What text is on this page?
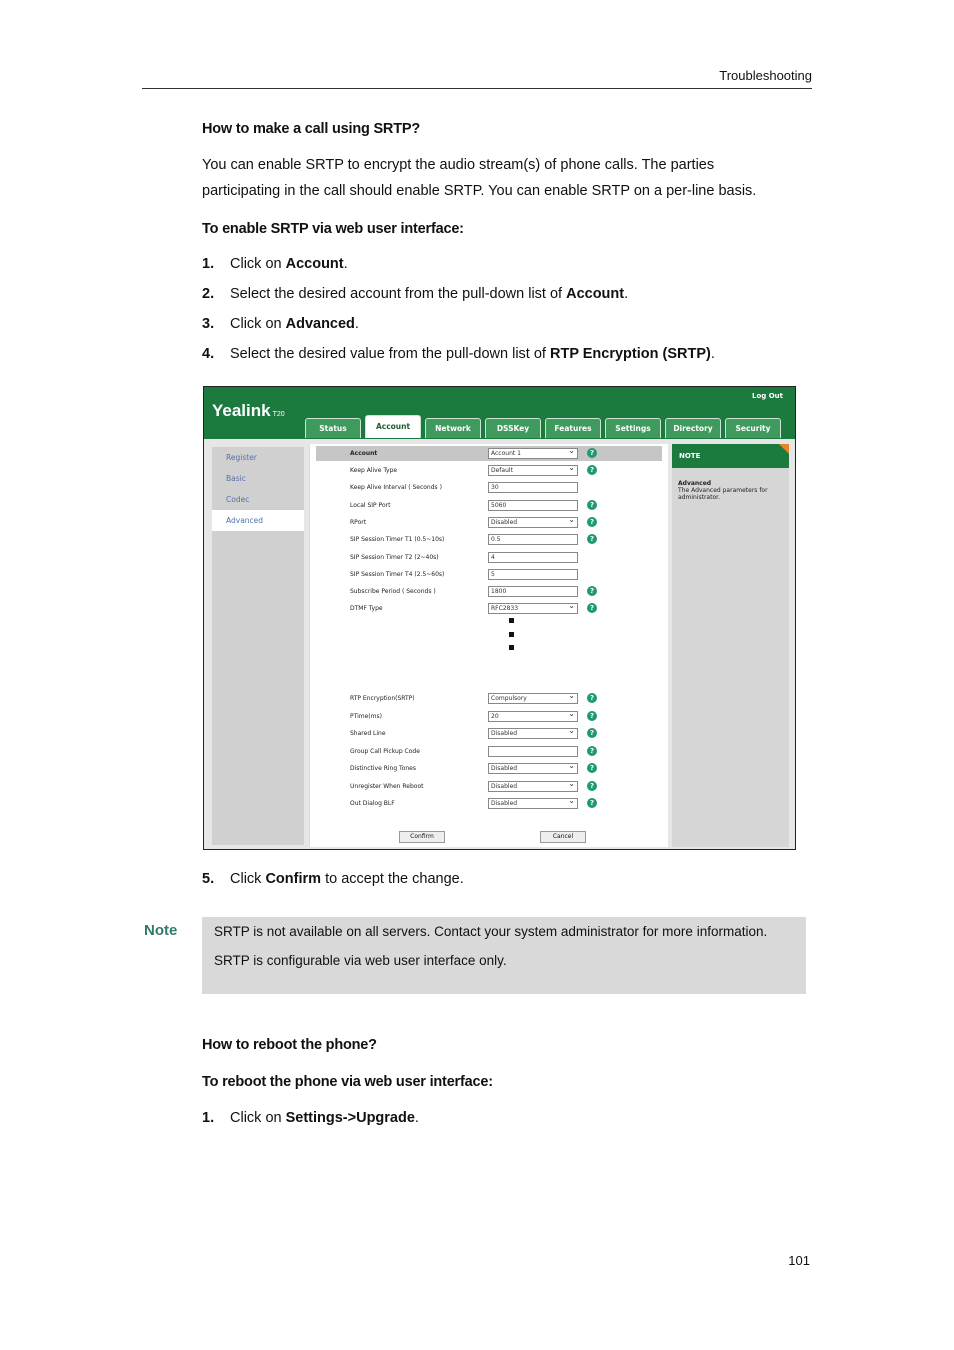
Troubleshooting
How to make a call using SRTP?
You can enable SRTP to encrypt the audio stream(s) of phone calls. The parties
participating in the call should enable SRTP. You can enable SRTP on a per-line basis.
To enable SRTP via web user interface:
1. Click on Account.
2. Select the desired account from the pull-down list of Account.
3. Click on Advanced.
4. Select the desired value from the pull-down list of RTP Encryption (SRTP).
Yealink T20
Log Out
Status	Account	Network	DSSKey	Features	Settings	Directory	Security
Register
Basic
Codec
Advanced
Account	Account 1 ⌄	?
Keep Alive Type	Default ⌄	?
Keep Alive Interval ( Seconds )	30
Local SIP Port	5060	?
RPort	Disabled ⌄	?
SIP Session Timer T1 (0.5~10s)	0.5	?
SIP Session Timer T2 (2~40s)	4
SIP Session Timer T4 (2.5~60s)	5
Subscribe Period ( Seconds )	1800	?
DTMF Type	RFC2833 ⌄	?
RTP Encryption(SRTP)	Compulsory ⌄	?
PTime(ms)	20 ⌄	?
Shared Line	Disabled ⌄	?
Group Call Pickup Code	?
Distinctive Ring Tones	Disabled ⌄	?
Unregister When Reboot	Disabled ⌄	?
Out Dialog BLF	Disabled ⌄	?
Confirm	Cancel
NOTE
Advanced
The Advanced parameters for administrator.
5. Click Confirm to accept the change.
Note	SRTP is not available on all servers. Contact your system administrator for more information.

SRTP is configurable via web user interface only.

How to reboot the phone?
To reboot the phone via web user interface:
1. Click on Settings->Upgrade.
101
